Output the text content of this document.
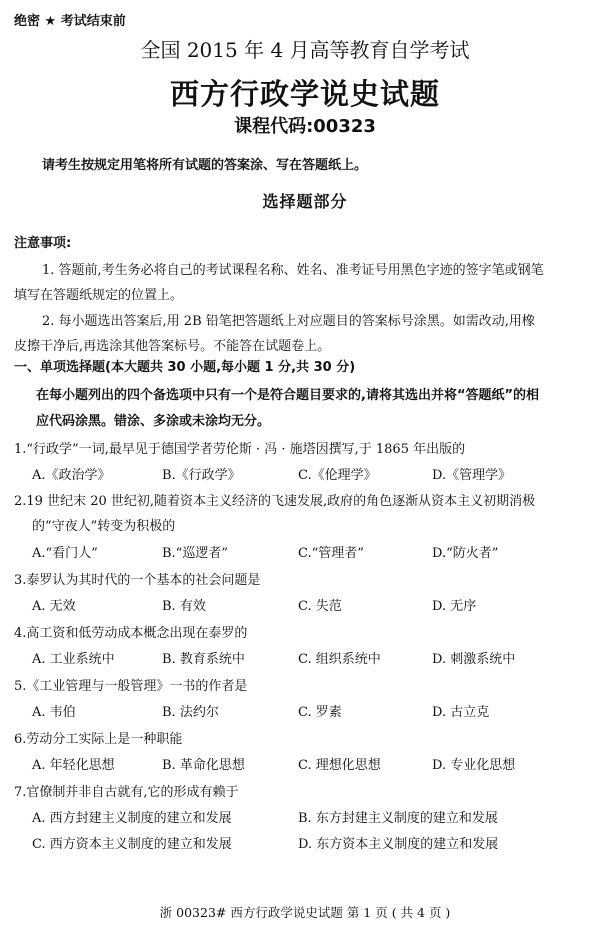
绝密 ★ 考试结束前
全国 2015 年 4 月高等教育自学考试
西方行政学说史试题
课程代码:00323
请考生按规定用笔将所有试题的答案涂、写在答题纸上。
选择题部分
注意事项:
1. 答题前,考生务必将自己的考试课程名称、姓名、准考证号用黑色字迹的签字笔或钢笔
填写在答题纸规定的位置上。
2. 每小题选出答案后,用 2B 铅笔把答题纸上对应题目的答案标号涂黑。如需改动,用橡
皮擦干净后,再选涂其他答案标号。不能答在试题卷上。
一、单项选择题(本大题共 30 小题,每小题 1 分,共 30 分)
在每小题列出的四个备选项中只有一个是符合题目要求的,请将其选出并将“答题纸”的相
应代码涂黑。错涂、多涂或未涂均无分。
1.“行政学”一词,最早见于德国学者劳伦斯 · 冯 · 施塔因撰写,于 1865 年出版的
A.《政治学》	B.《行政学》	C.《伦理学》	D.《管理学》
2.19 世纪末 20 世纪初,随着资本主义经济的飞速发展,政府的角色逐渐从资本主义初期消极
的“守夜人”转变为积极的
A.“看门人”	B.“巡逻者”	C.“管理者”	D.“防火者”
3.泰罗认为其时代的一个基本的社会问题是
A. 无效	B. 有效	C. 失范	D. 无序
4.高工资和低劳动成本概念出现在泰罗的
A. 工业系统中	B. 教育系统中	C. 组织系统中	D. 刺激系统中
5.《工业管理与一般管理》一书的作者是
A. 韦伯	B. 法约尔	C. 罗素	D. 古立克
6.劳动分工实际上是一种职能
A. 年轻化思想	B. 革命化思想	C. 理想化思想	D. 专业化思想
7.官僚制并非自古就有,它的形成有赖于
A. 西方封建主义制度的建立和发展	B. 东方封建主义制度的建立和发展
C. 西方资本主义制度的建立和发展	D. 东方资本主义制度的建立和发展
浙 00323# 西方行政学说史试题 第 1 页 ( 共 4 页 )
